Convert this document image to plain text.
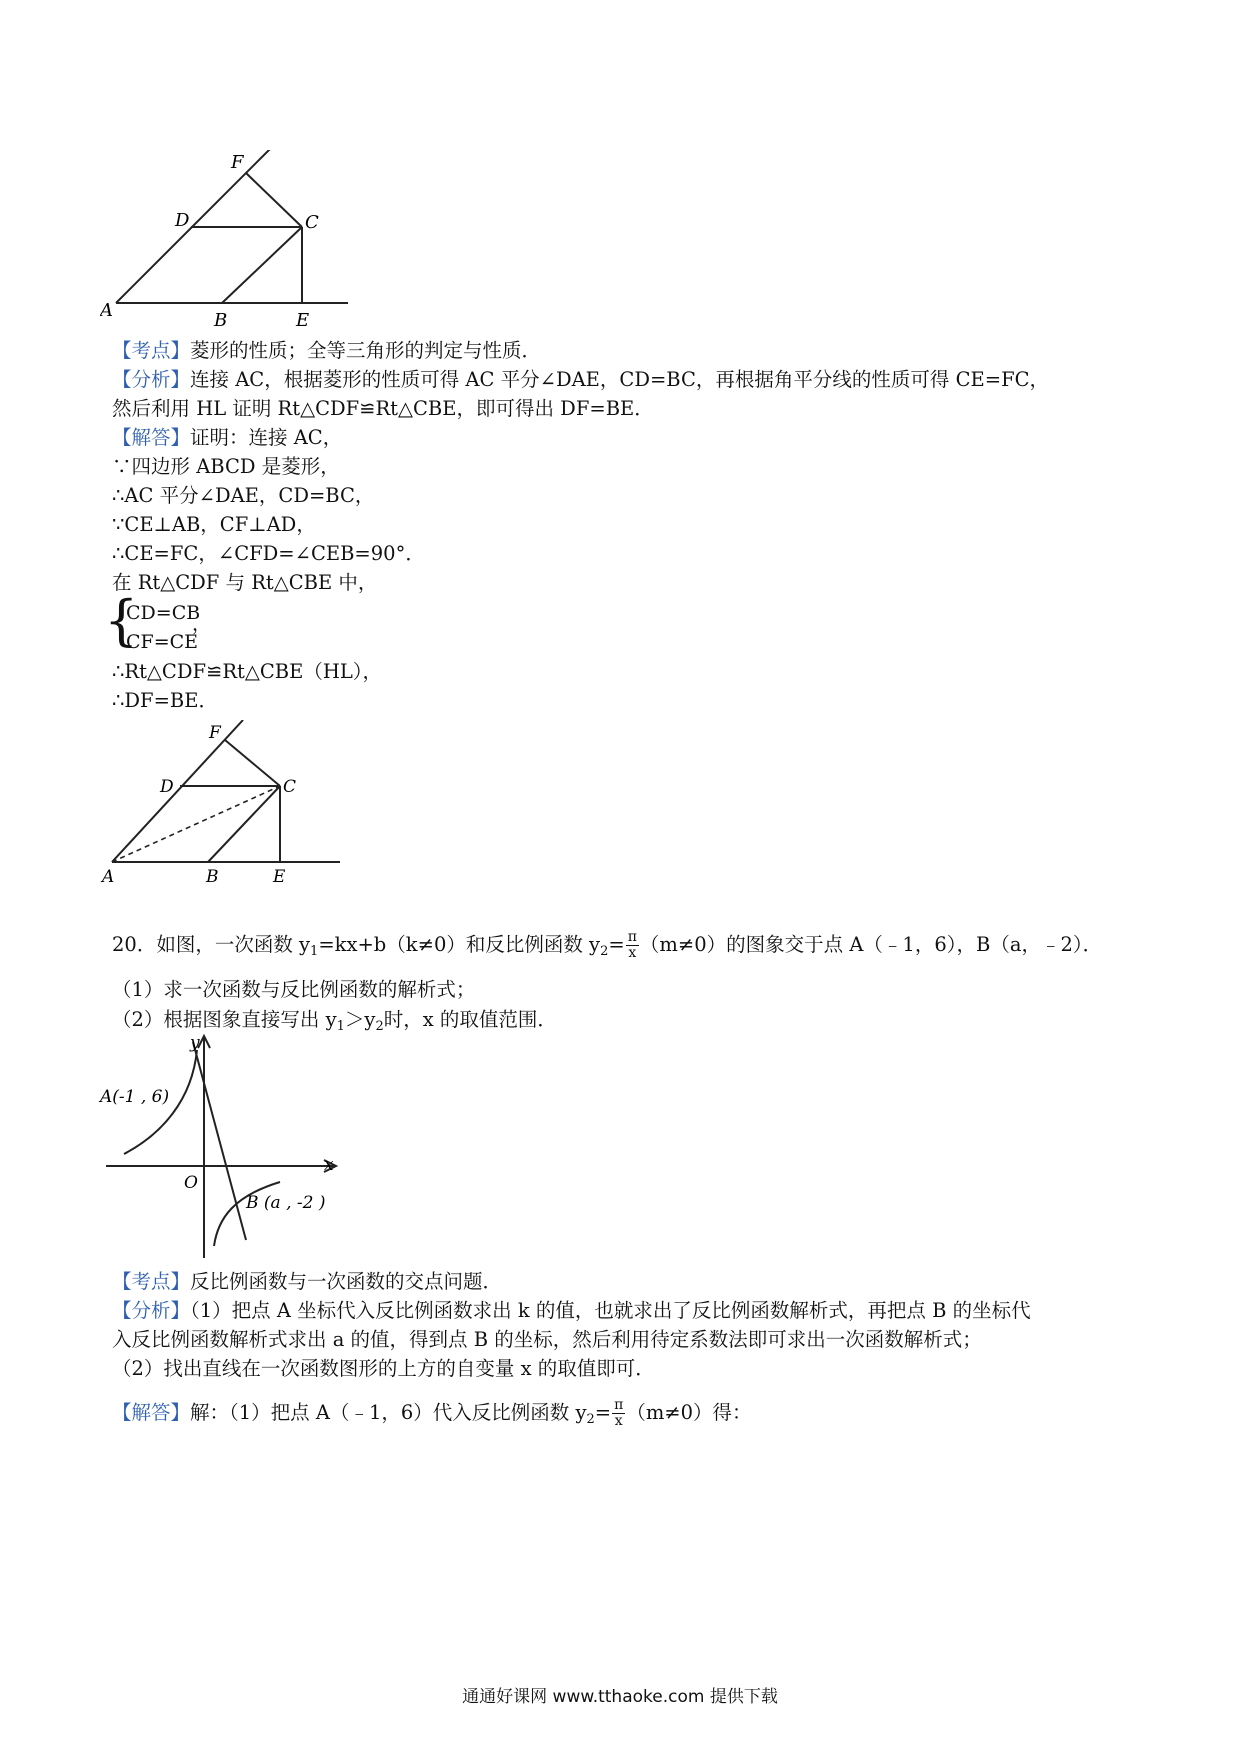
F
D	C
A	B	E
【考点】菱形的性质；全等三角形的判定与性质．
【分析】连接 AC，根据菱形的性质可得 AC 平分∠DAE，CD=BC，再根据角平分线的性质可得 CE=FC，
然后利用 HL 证明 Rt△CDF≌Rt△CBE，即可得出 DF=BE．
【解答】证明：连接 AC，
∵四边形 ABCD 是菱形，
∴AC 平分∠DAE，CD=BC，
∵CE⊥AB，CF⊥AD，
∴CE=FC，∠CFD=∠CEB=90°．
在 Rt△CDF 与 Rt△CBE 中，
{
CD=CB
CF=CE
，
∴Rt△CDF≌Rt△CBE（HL），
∴DF=BE．
F
D	C
A	B	E
20．如图，一次函数 $y_1=kx+b(k\ne 0)$和反比例函数 $y_2= \frac{\pi}{x} (m\ne 0)$的图象交于点 A（﹣1，6），B（a，﹣2）．
（1）求一次函数与反比例函数的解析式；
（2）根据图象直接写出 $y_1>y_2$时，x 的取值范围．
y
x
O
A(-1 , 6)
B (a , -2 )
【考点】反比例函数与一次函数的交点问题．
【分析】（1）把点 A 坐标代入反比例函数求出 k 的值，也就求出了反比例函数解析式，再把点 B 的坐标代
入反比例函数解析式求出 a 的值，得到点 B 的坐标，然后利用待定系数法即可求出一次函数解析式；
（2）找出直线在一次函数图形的上方的自变量 x 的取值即可．
【解答】解：（1）把点 A（﹣1，6）代入反比例函数 $y_2= \frac{\pi}{x} (m\ne 0)$得：
通通好课网 www.tthaoke.com 提供下载
